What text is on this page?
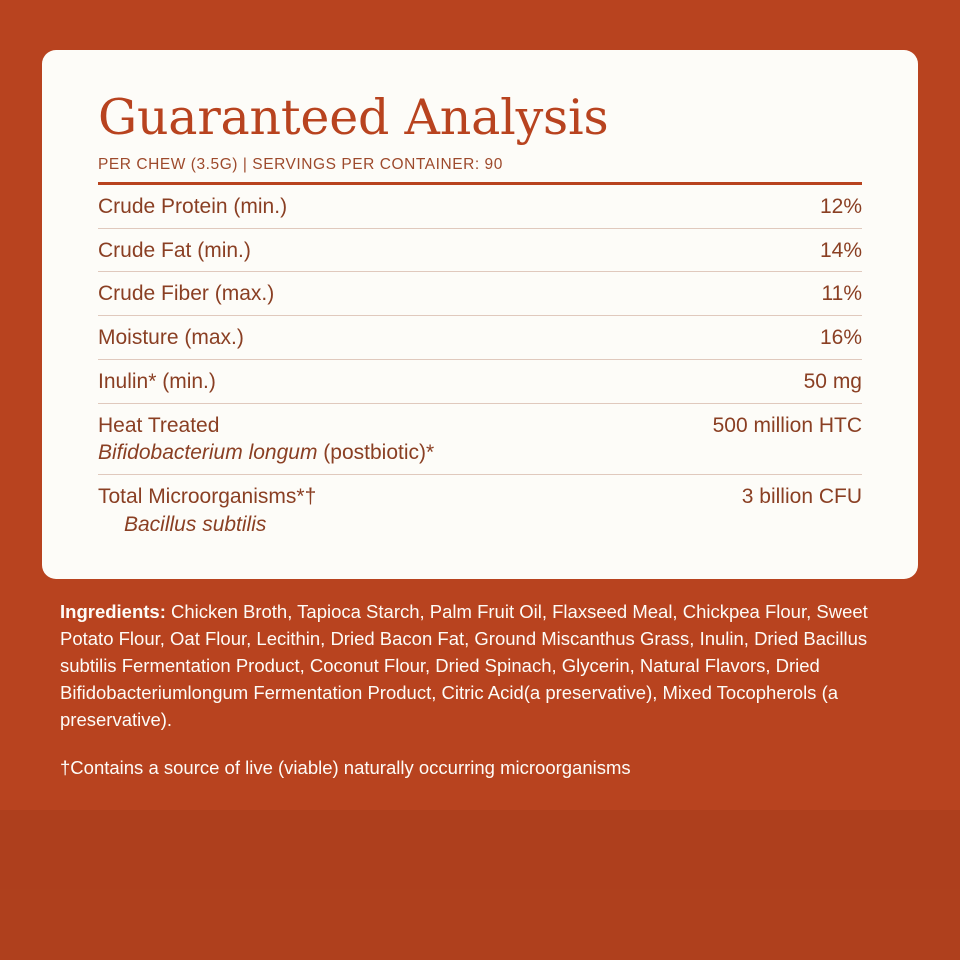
Guaranteed Analysis
PER CHEW (3.5G) | SERVINGS PER CONTAINER: 90
Crude Protein (min.)	12%
Crude Fat (min.)	14%
Crude Fiber (max.)	11%
Moisture (max.)	16%
Inulin* (min.)	50 mg
Heat Treated
Bifidobacterium longum (postbiotic)*	500 million HTC
Total Microorganisms*†
Bacillus subtilis	3 billion CFU
Ingredients: Chicken Broth, Tapioca Starch, Palm Fruit Oil, Flaxseed Meal, Chickpea Flour, Sweet Potato Flour, Oat Flour, Lecithin, Dried Bacon Fat, Ground Miscanthus Grass, Inulin, Dried Bacillus subtilis Fermentation Product, Coconut Flour, Dried Spinach, Glycerin, Natural Flavors, Dried Bifidobacteriumlongum Fermentation Product, Citric Acid(a preservative), Mixed Tocopherols (a preservative).
†Contains a source of live (viable) naturally occurring microorganisms
